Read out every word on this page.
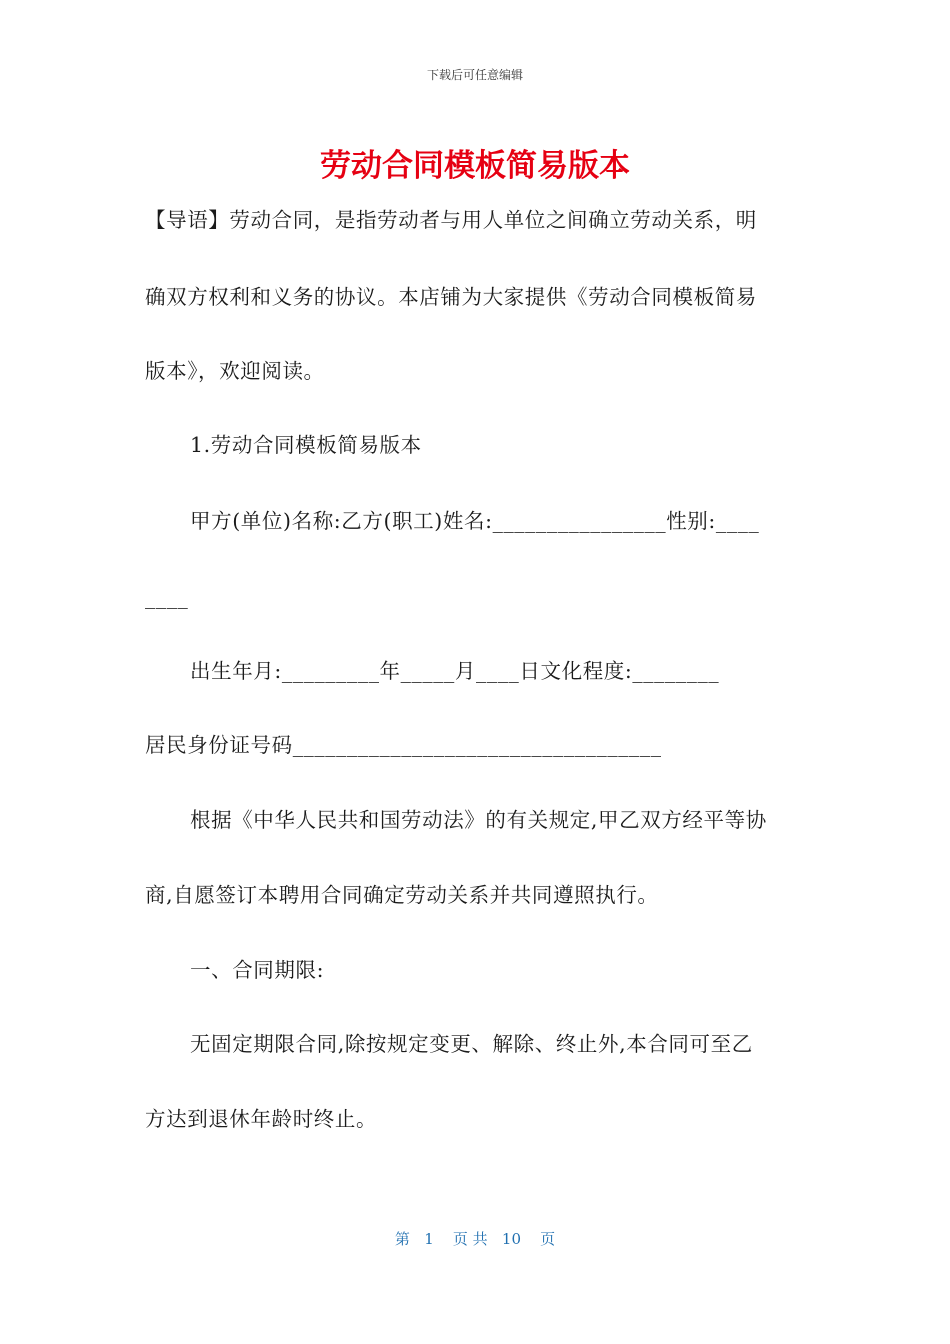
下载后可任意编辑
劳动合同模板简易版本
【导语】劳动合同，是指劳动者与用人单位之间确立劳动关系，明
确双方权利和义务的协议。本店铺为大家提供《劳动合同模板简易
版本》，欢迎阅读。
1.劳动合同模板简易版本
甲方(单位)名称:乙方(职工)姓名:________________性别:____
____
出生年月:_________年_____月____日文化程度:________
居民身份证号码__________________________________
根据《中华人民共和国劳动法》的有关规定,甲乙双方经平等协
商,自愿签订本聘用合同确定劳动关系并共同遵照执行。
一、合同期限:
无固定期限合同,除按规定变更、解除、终止外,本合同可至乙
方达到退休年龄时终止。
第   1    页 共   10    页
